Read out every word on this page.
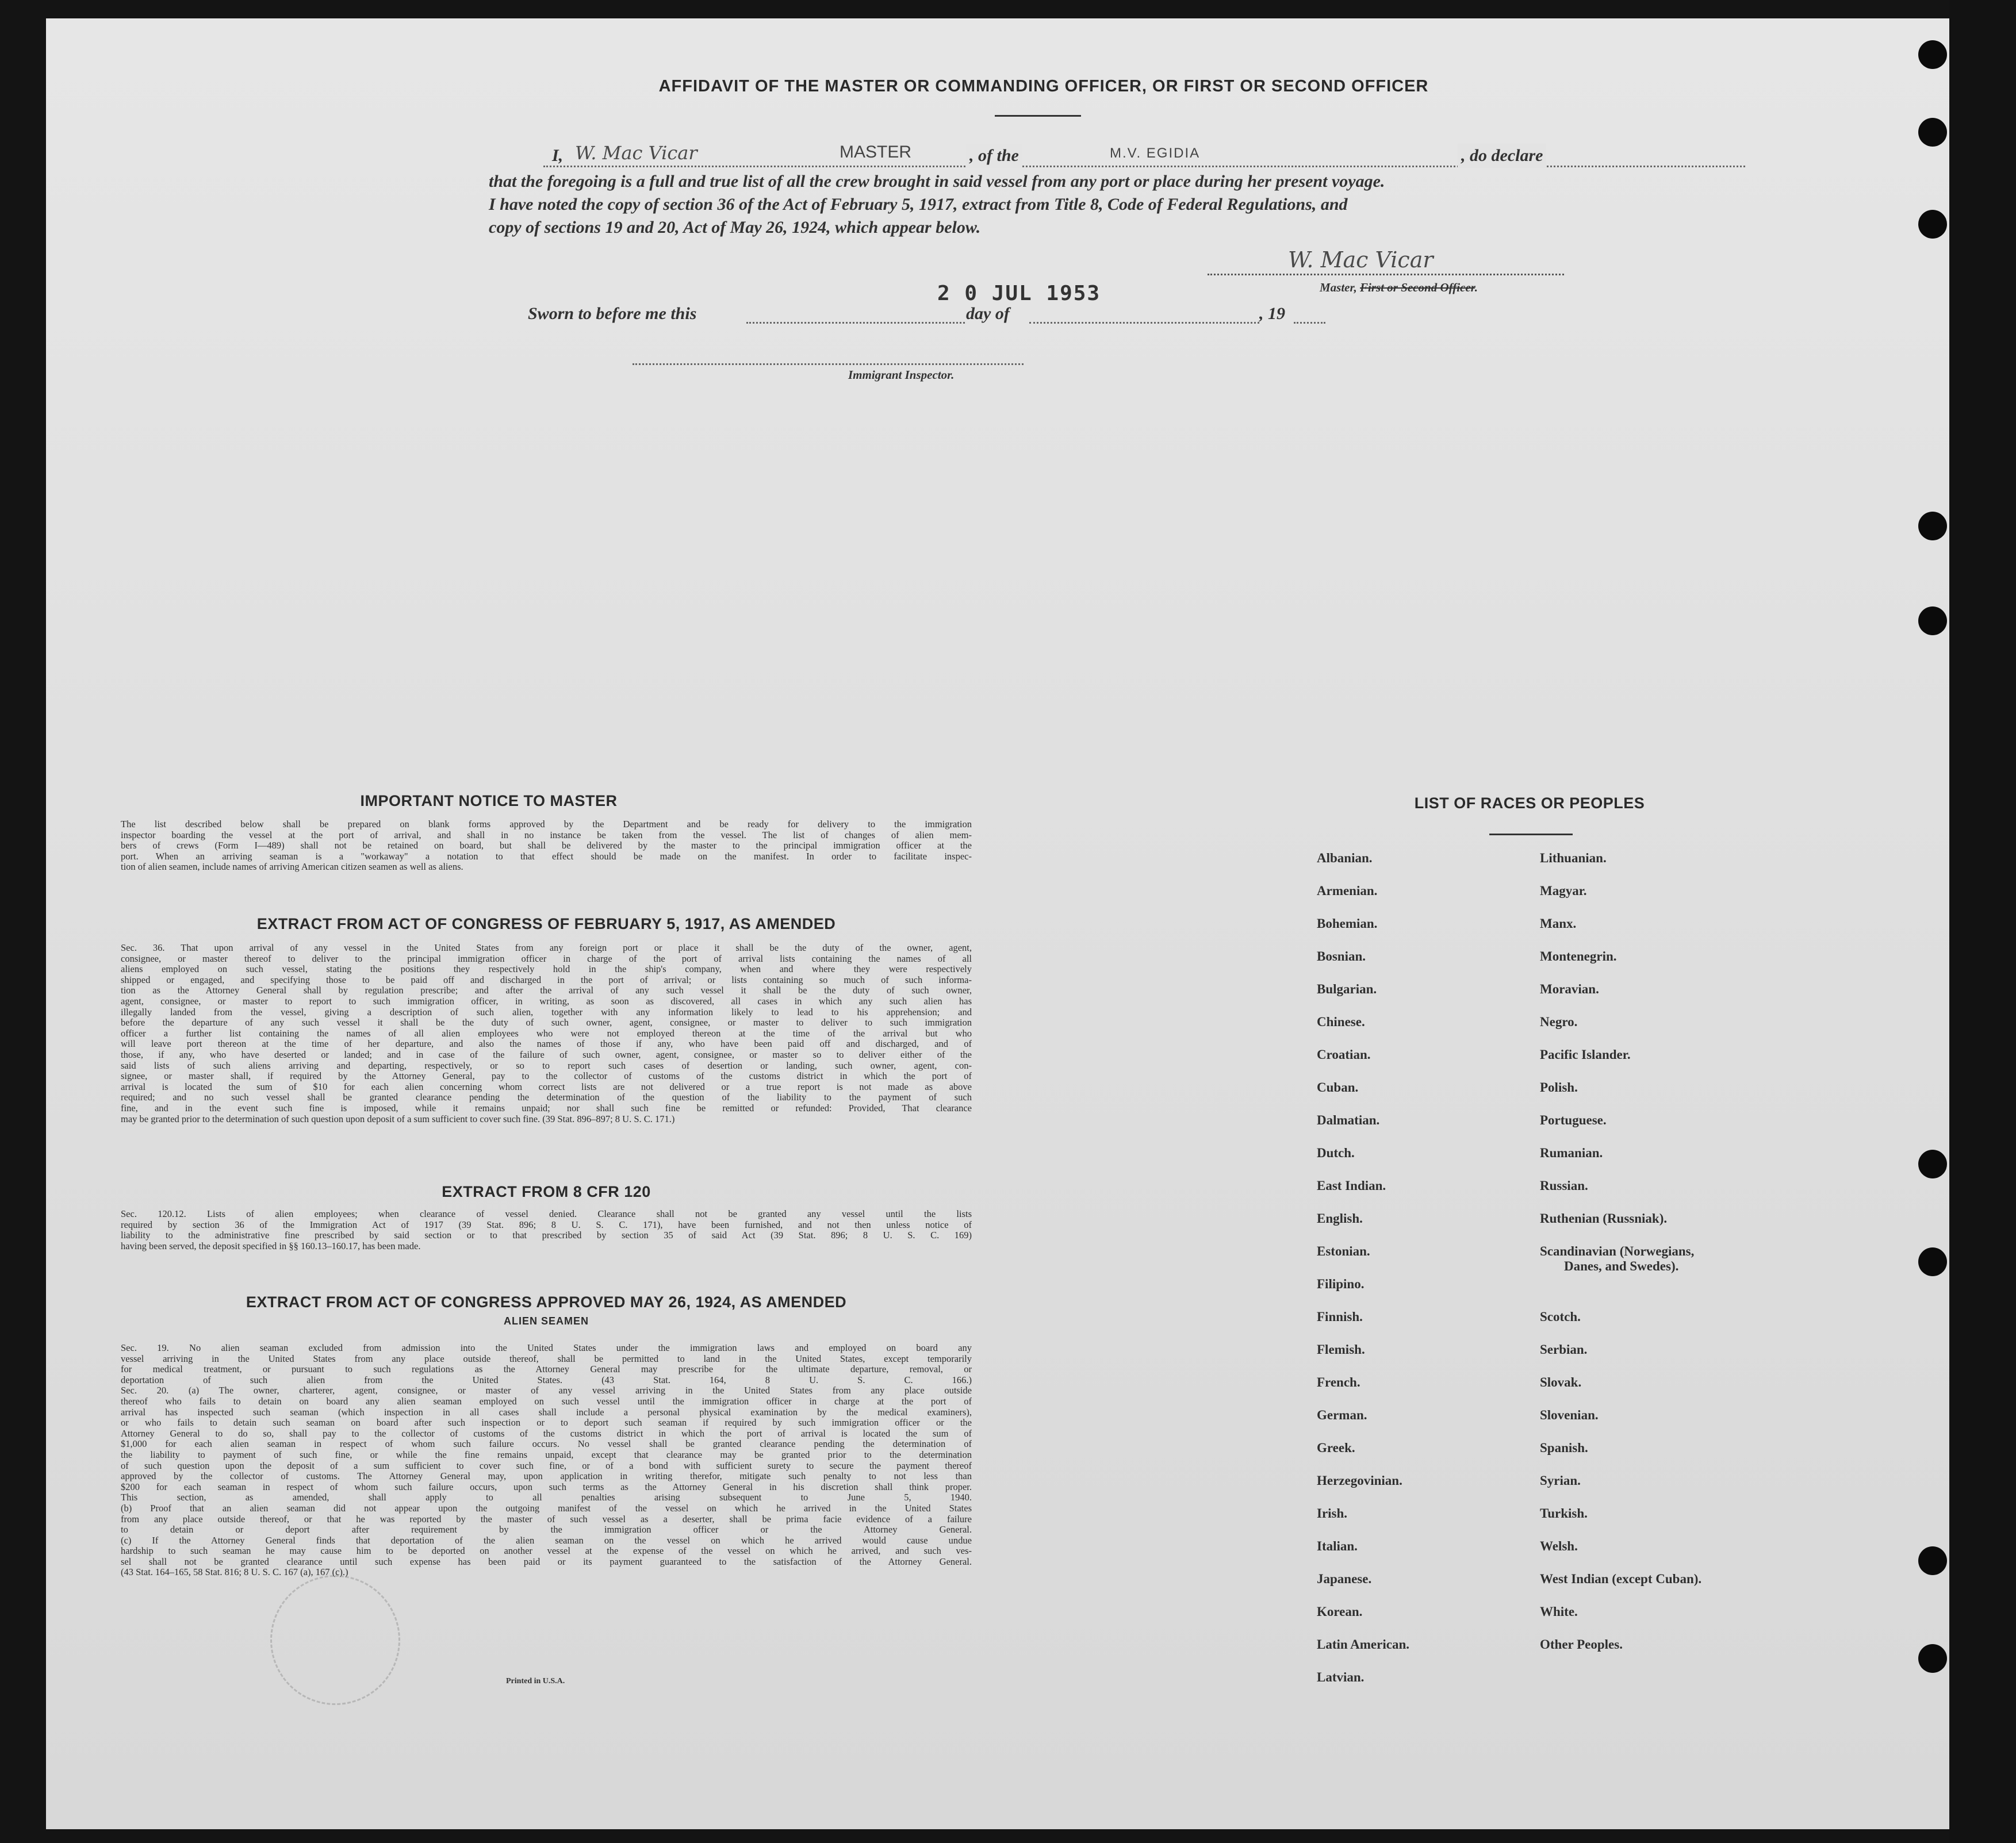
AFFIDAVIT OF THE MASTER OR COMMANDING OFFICER, OR FIRST OR SECOND OFFICER
I, W. Mac Vicar	MASTER	, of the	M.V. EGIDIA	, do declare
that the foregoing is a full and true list of all the crew brought in said vessel from any port or place during her present voyage.
I have noted the copy of section 36 of the Act of February 5, 1917, extract from Title 8, Code of Federal Regulations, and
copy of sections 19 and 20, Act of May 26, 1924, which appear below.
W. Mac Vicar
Master, First or Second Officer.
Sworn to before me this
2 0 JUL 1953
day of	, 19
Immigrant Inspector.
IMPORTANT NOTICE TO MASTER
The list described below shall be prepared on blank forms approved by the Department and be ready for delivery to the immigration
inspector boarding the vessel at the port of arrival, and shall in no instance be taken from the vessel. The list of changes of alien mem-
bers of crews (Form I—489) shall not be retained on board, but shall be delivered by the master to the principal immigration officer at the
port. When an arriving seaman is a "workaway" a notation to that effect should be made on the manifest. In order to facilitate inspec-
tion of alien seamen, include names of arriving American citizen seamen as well as aliens.
EXTRACT FROM ACT OF CONGRESS OF FEBRUARY 5, 1917, AS AMENDED
Sec. 36. That upon arrival of any vessel in the United States from any foreign port or place it shall be the duty of the owner, agent,
consignee, or master thereof to deliver to the principal immigration officer in charge of the port of arrival lists containing the names of all
aliens employed on such vessel, stating the positions they respectively hold in the ship's company, when and where they were respectively
shipped or engaged, and specifying those to be paid off and discharged in the port of arrival; or lists containing so much of such informa-
tion as the Attorney General shall by regulation prescribe; and after the arrival of any such vessel it shall be the duty of such owner,
agent, consignee, or master to report to such immigration officer, in writing, as soon as discovered, all cases in which any such alien has
illegally landed from the vessel, giving a description of such alien, together with any information likely to lead to his apprehension; and
before the departure of any such vessel it shall be the duty of such owner, agent, consignee, or master to deliver to such immigration
officer a further list containing the names of all alien employees who were not employed thereon at the time of the arrival but who
will leave port thereon at the time of her departure, and also the names of those if any, who have been paid off and discharged, and of
those, if any, who have deserted or landed; and in case of the failure of such owner, agent, consignee, or master so to deliver either of the
said lists of such aliens arriving and departing, respectively, or so to report such cases of desertion or landing, such owner, agent, con-
signee, or master shall, if required by the Attorney General, pay to the collector of customs of the customs district in which the port of
arrival is located the sum of $10 for each alien concerning whom correct lists are not delivered or a true report is not made as above
required; and no such vessel shall be granted clearance pending the determination of the question of the liability to the payment of such
fine, and in the event such fine is imposed, while it remains unpaid; nor shall such fine be remitted or refunded: Provided, That clearance
may be granted prior to the determination of such question upon deposit of a sum sufficient to cover such fine. (39 Stat. 896–897; 8 U. S. C. 171.)
EXTRACT FROM 8 CFR 120
Sec. 120.12. Lists of alien employees; when clearance of vessel denied. Clearance shall not be granted any vessel until the lists
required by section 36 of the Immigration Act of 1917 (39 Stat. 896; 8 U. S. C. 171), have been furnished, and not then unless notice of
liability to the administrative fine prescribed by said section or to that prescribed by section 35 of said Act (39 Stat. 896; 8 U. S. C. 169)
having been served, the deposit specified in §§ 160.13–160.17, has been made.
EXTRACT FROM ACT OF CONGRESS APPROVED MAY 26, 1924, AS AMENDED
ALIEN SEAMEN
Sec. 19. No alien seaman excluded from admission into the United States under the immigration laws and employed on board any
vessel arriving in the United States from any place outside thereof, shall be permitted to land in the United States, except temporarily
for medical treatment, or pursuant to such regulations as the Attorney General may prescribe for the ultimate departure, removal, or
deportation of such alien from the United States. (43 Stat. 164, 8 U. S. C. 166.)
Sec. 20. (a) The owner, charterer, agent, consignee, or master of any vessel arriving in the United States from any place outside
thereof who fails to detain on board any alien seaman employed on such vessel until the immigration officer in charge at the port of
arrival has inspected such seaman (which inspection in all cases shall include a personal physical examination by the medical examiners),
or who fails to detain such seaman on board after such inspection or to deport such seaman if required by such immigration officer or the
Attorney General to do so, shall pay to the collector of customs of the customs district in which the port of arrival is located the sum of
$1,000 for each alien seaman in respect of whom such failure occurs. No vessel shall be granted clearance pending the determination of
the liability to payment of such fine, or while the fine remains unpaid, except that clearance may be granted prior to the determination
of such question upon the deposit of a sum sufficient to cover such fine, or of a bond with sufficient surety to secure the payment thereof
approved by the collector of customs. The Attorney General may, upon application in writing therefor, mitigate such penalty to not less than
$200 for each seaman in respect of whom such failure occurs, upon such terms as the Attorney General in his discretion shall think proper.
This section, as amended, shall apply to all penalties arising subsequent to June 5, 1940.
(b) Proof that an alien seaman did not appear upon the outgoing manifest of the vessel on which he arrived in the United States
from any place outside thereof, or that he was reported by the master of such vessel as a deserter, shall be prima facie evidence of a failure
to detain or deport after requirement by the immigration officer or the Attorney General.
(c) If the Attorney General finds that deportation of the alien seaman on the vessel on which he arrived would cause undue
hardship to such seaman he may cause him to be deported on another vessel at the expense of the vessel on which he arrived, and such ves-
sel shall not be granted clearance until such expense has been paid or its payment guaranteed to the satisfaction of the Attorney General.
(43 Stat. 164–165, 58 Stat. 816; 8 U. S. C. 167 (a), 167 (c).)
Printed in U.S.A.
LIST OF RACES OR PEOPLES
Albanian.
Armenian.
Bohemian.
Bosnian.
Bulgarian.
Chinese.
Croatian.
Cuban.
Dalmatian.
Dutch.
East Indian.
English.
Estonian.
Filipino.
Finnish.
Flemish.
French.
German.
Greek.
Herzegovinian.
Irish.
Italian.
Japanese.
Korean.
Latin American.
Latvian.
Lithuanian.
Magyar.
Manx.
Montenegrin.
Moravian.
Negro.
Pacific Islander.
Polish.
Portuguese.
Rumanian.
Russian.
Ruthenian (Russniak).
Scandinavian (Norwegians,
Scotch.
Serbian.
Slovak.
Slovenian.
Spanish.
Syrian.
Turkish.
Welsh.
West Indian (except Cuban).
White.
Other Peoples.
Danes, and Swedes).
